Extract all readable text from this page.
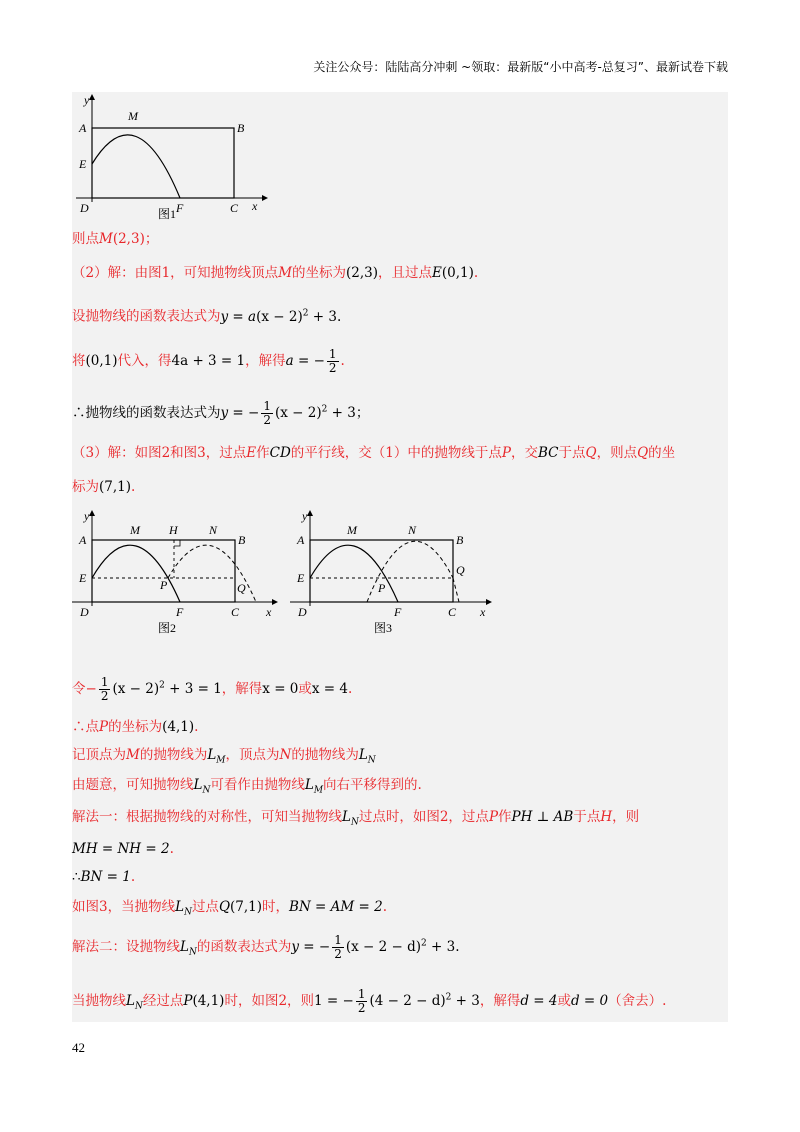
关注公众号：陆陆高分冲刺 ~领取：最新版“小中高考-总复习”、最新试卷下载
y
A
M
B
E
D	F	C x
图1
则点M(2,3)；
（2）解：由图1，可知抛物线顶点M的坐标为(2,3)，且过点E(0,1).
设抛物线的函数表达式为$y = a(x - 2)^2 + 3$.
将(0,1)代入，得4a + 3 = 1，解得a = − $\frac{1}{2}$ .
∴抛物线的函数表达式为y = − $\frac{1}{2} (x - 2)^2 + 3$；
（3）解：如图2和图3，过点E作CD的平行线，交（1）中的抛物线于点P，交BC于点Q，则点Q的坐
标为(7,1).
y
A
M H	N
B
E	P	Q
D	F	C x
图2
y
A
M	N
B
E
Q
P
D	F	C x
图3
令− $\frac{1}{2} (x - 2)^2 + 3 = 1$，解得x = 0或x = 4.
∴点P的坐标为(4,1).
记顶点为M的抛物线为$L_M$，顶点为N的抛物线为$L_N$
由题意，可知抛物线$L_N$可看作由抛物线$L_M$向右平移得到的.
解法一：根据抛物线的对称性，可知当抛物线$L_N$过点时，如图2，过点P作PH ⊥ AB于点H，则
MH = NH = 2.
∴BN = 1.
如图3，当抛物线$L_N$过点Q(7,1)时，BN = AM = 2.
解法二：设抛物线$L_N$的函数表达式为y = − $\frac{1}{2} (x - 2 - d)^2 + 3$.
当抛物线$L_N$经过点P(4,1)时，如图2，则1 = − $\frac{1}{2} (4 - 2 - d)^2 + 3$，解得d = 4或d = 0（舍去）.
42
